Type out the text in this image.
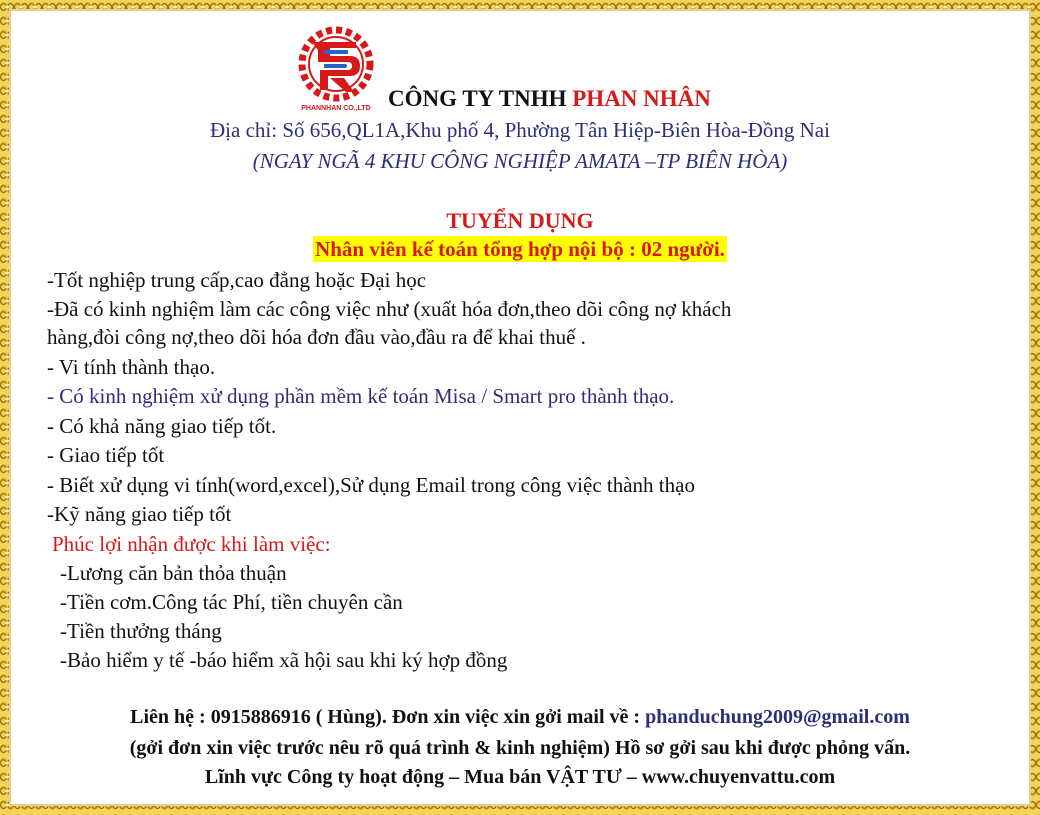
PHANNHAN CO.,LTD CÔNG TY TNHH PHAN NHÂN
Địa chỉ: Số 656,QL1A,Khu phố 4, Phường Tân Hiệp-Biên Hòa-Đồng Nai
(NGAY NGÃ 4 KHU CÔNG NGHIỆP AMATA –TP BIÊN HÒA)
TUYỂN DỤNG
Nhân viên kế toán tổng hợp nội bộ : 02 người.
-Tốt nghiệp trung cấp,cao đẳng hoặc Đại học
-Đã có kinh nghiệm làm các công việc như (xuất hóa đơn,theo dõi công nợ khách
hàng,đòi công nợ,theo dõi hóa đơn đầu vào,đầu ra để khai thuế .
- Vi tính thành thạo.
- Có kinh nghiệm xử dụng phần mềm kế toán Misa / Smart pro thành thạo.
- Có khả năng giao tiếp tốt.
- Giao tiếp tốt
- Biết xử dụng vi tính(word,excel),Sử dụng Email trong công việc thành thạo
-Kỹ năng giao tiếp tốt
Phúc lợi nhận được khi làm việc:
-Lương căn bản thỏa thuận
-Tiền cơm.Công tác Phí, tiền chuyên cần
-Tiền thưởng tháng
-Bảo hiểm y tế -báo hiểm xã hội sau khi ký hợp đồng
Liên hệ : 0915886916 ( Hùng). Đơn xin việc xin gởi mail về : phanduchung2009@gmail.com
(gởi đơn xin việc trước nêu rõ quá trình & kinh nghiệm) Hồ sơ gởi sau khi được phỏng vấn.
Lĩnh vực Công ty hoạt động – Mua bán VẬT TƯ – www.chuyenvattu.com
